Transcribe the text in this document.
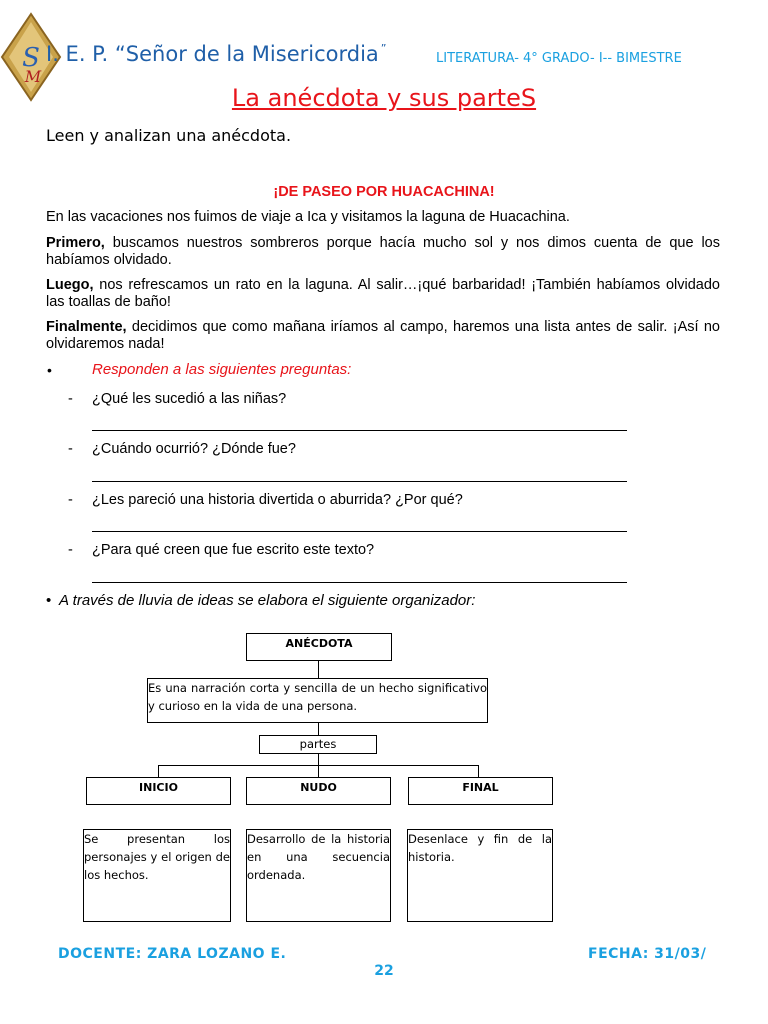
S
M
I. E. P. “Señor de la Misericordia ”
LITERATURA- 4° GRADO- I-- BIMESTRE
La anécdota y sus parteS
Leen y analizan una anécdota.
¡DE PASEO POR HUACACHINA!
En las vacaciones nos fuimos de viaje a Ica y visitamos la laguna de Huacachina.
Primero, buscamos nuestros sombreros porque hacía mucho sol y nos dimos cuenta de que los habíamos olvidado.
Luego, nos refrescamos un rato en la laguna. Al salir…¡qué barbaridad! ¡También habíamos olvidado las toallas de baño!
Finalmente, decidimos que como mañana iríamos al campo, haremos una lista antes de salir. ¡Así no olvidaremos nada!
•	Responden a las siguientes preguntas:
- ¿Qué les sucedió a las niñas?
- ¿Cuándo ocurrió? ¿Dónde fue?
- ¿Les pareció una historia divertida o aburrida? ¿Por qué?
- ¿Para qué creen que fue escrito este texto?
• A través de lluvia de ideas se elabora el siguiente organizador:
ANÉCDOTA
Es una narración corta y sencilla de un hecho significativo y curioso en la vida de una persona.
partes
INICIO	NUDO	FINAL
Se presentan los personajes y el origen de los hechos.
Desarrollo de la historia en una secuencia ordenada.
Desenlace y fin de la historia.
DOCENTE: ZARA LOZANO E.	FECHA: 31/03/
22
